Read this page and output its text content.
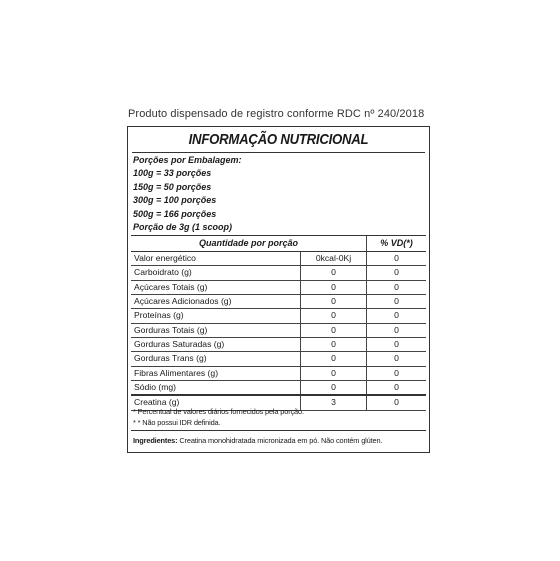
Produto dispensado de registro conforme RDC nº 240/2018
INFORMAÇÃO NUTRICIONAL
Porções por Embalagem:
100g = 33 porções
150g = 50 porções
300g = 100 porções
500g = 166 porções
Porção de 3g (1 scoop)
Quantidade por porção	% VD(*)
Valor energético	0kcal-0Kj	0
Carboidrato (g)	0	0
Açúcares Totais (g)	0	0
Açúcares Adicionados (g)	0	0
Proteínas (g)	0	0
Gorduras Totais (g)	0	0
Gorduras Saturadas (g)	0	0
Gorduras Trans (g)	0	0
Fibras Alimentares (g)	0	0
Sódio (mg)	0	0
Creatina (g)	3	0
* Percentual de valores diários fornecidos pela porção.
* * Não possui IDR definida.
Ingredientes: Creatina monohidratada micronizada em pó. Não contém glúten.
